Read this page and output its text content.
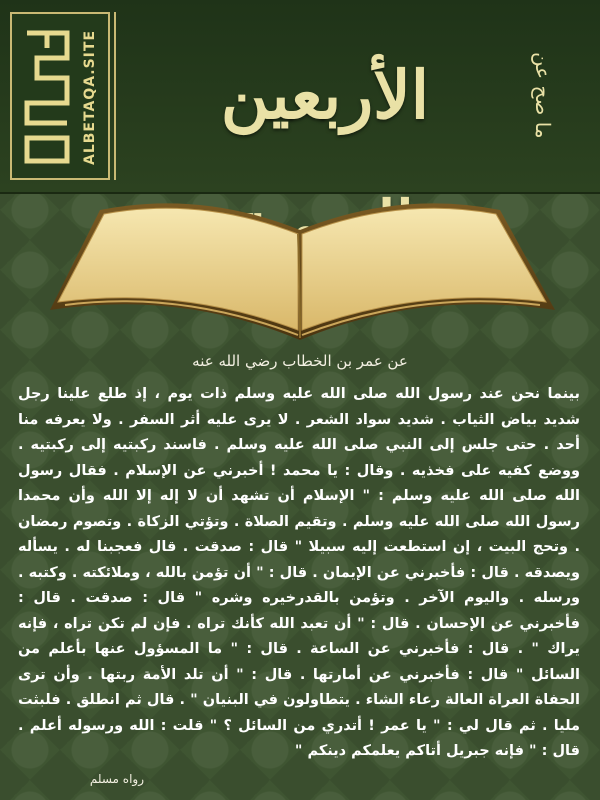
ALBETAQA.SITE	الأربعين	ما صح عن
عن عمر بن الخطاب رضي الله عنه

بينما نحن عند رسول الله صلى الله عليه وسلم ذات يوم ، إذ طلع علينا رجل شديد بياض الثياب . شديد سواد الشعر . لا يرى عليه أثر السفر . ولا يعرفه منا أحد . حتى جلس إلى النبي صلى الله عليه وسلم . فاسند ركبتيه إلى ركبتيه . ووضع كفيه على فخذيه . وقال : يا محمد ! أخبرني عن الإسلام . فقال رسول الله صلى الله عليه وسلم : " الإسلام أن تشهد أن لا إله إلا الله وأن محمدا رسول الله صلى الله عليه وسلم . وتقيم الصلاة . وتؤتي الزكاة . وتصوم رمضان . وتحج البيت ، إن استطعت إليه سبيلا " قال : صدقت . قال فعجبنا له . يسأله ويصدقه . قال : فأخبرني عن الإيمان . قال : " أن تؤمن بالله ، وملائكته . وكتبه . ورسله . واليوم الآخر . وتؤمن بالقدرخيره وشره " قال : صدقت . قال : فأخبرني عن الإحسان . قال : " أن تعبد الله كأنك تراه . فإن لم تكن تراه ، فإنه يراك " . قال : فأخبرني عن الساعة . قال : " ما المسؤول عنها بأعلم من السائل " قال : فأخبرني عن أمارتها . قال : " أن تلد الأمة ربتها . وأن ترى الحفاة العراة العالة رعاء الشاء . يتطاولون في البنيان " . قال ثم انطلق . فلبثت مليا . ثم قال لي : " يا عمر ! أتدري من السائل ؟ " قلت : الله ورسوله أعلم . قال : " فإنه جبريل أتاكم يعلمكم دينكم "

رواه مسلم
